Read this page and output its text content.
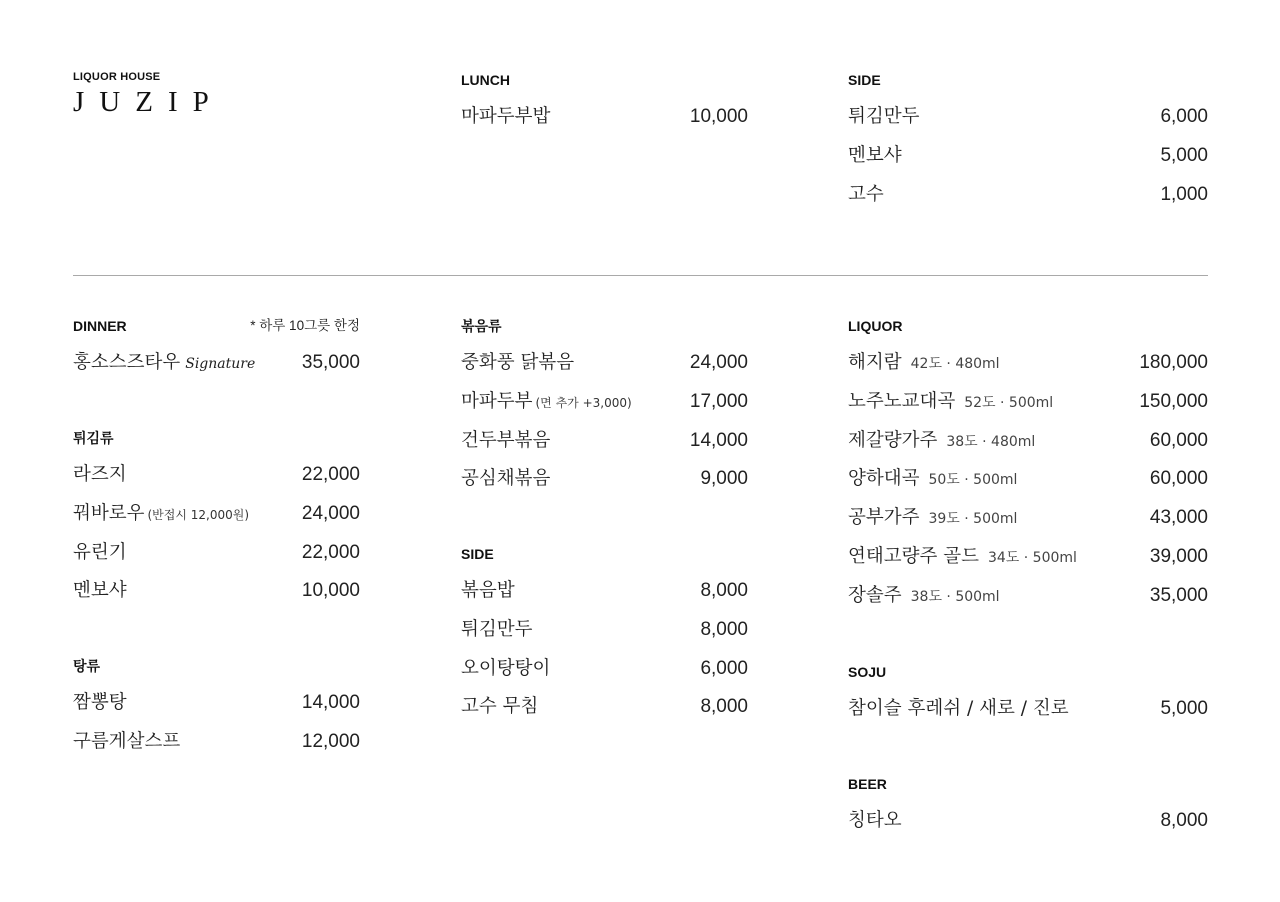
LIQUOR HOUSE
JUZIP
LUNCH
마파두부밥	10,000
SIDE
튀김만두	6,000
멘보샤	5,000
고수	1,000
DINNER	* 하루 10그릇 한정
홍소스즈타우 Signature 35,000
튀김류
라즈지	22,000
꿔바로우 (반접시 12,000원)	24,000
유린기	22,000
멘보샤	10,000
탕류
짬뽕탕	14,000
구름게살스프	12,000
볶음류
중화풍 닭볶음	24,000
마파두부 (면 추가 +3,000)	17,000
건두부볶음	14,000
공심채볶음	9,000
SIDE
볶음밥	8,000
튀김만두	8,000
오이탕탕이	6,000
고수 무침	8,000
LIQUOR
해지람 42도 · 480ml	180,000
노주노교대곡 52도 · 500ml	150,000
제갈량가주 38도 · 480ml	60,000
양하대곡 50도 · 500ml	60,000
공부가주 39도 · 500ml	43,000
연태고량주 골드 34도 · 500ml	39,000
장솔주 38도 · 500ml	35,000
SOJU
참이슬 후레쉬 / 새로 / 진로	5,000
BEER
칭타오	8,000
